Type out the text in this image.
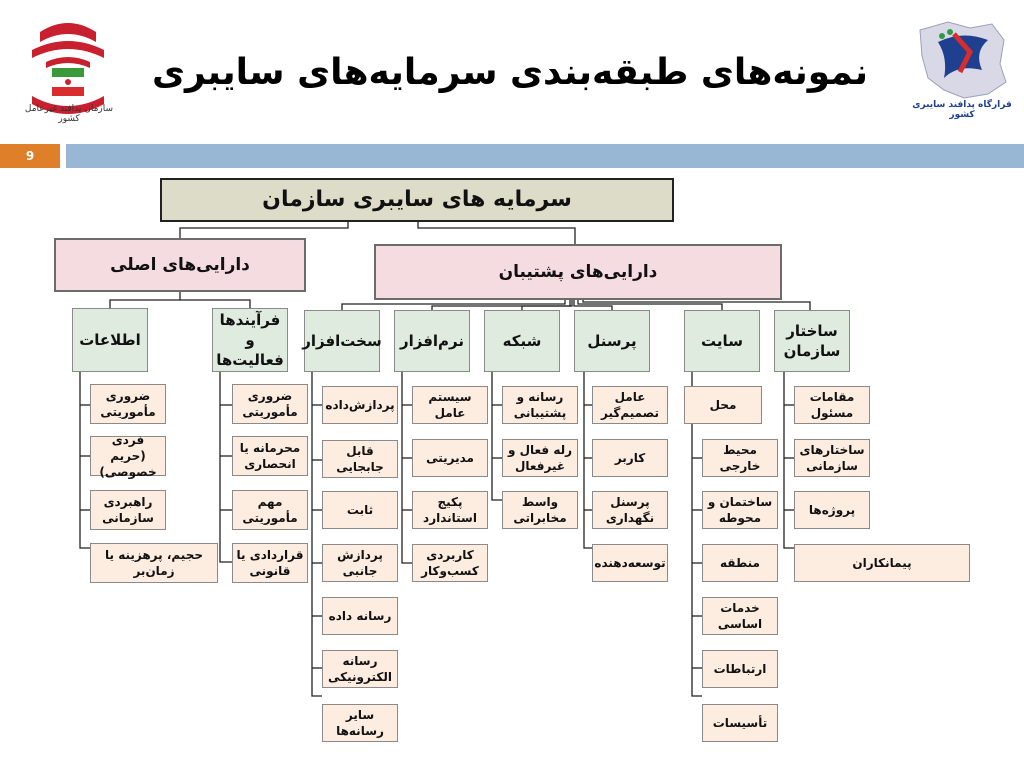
سازمان پدافند غیرعامل کشور
نمونه‌های طبقه‌بندی سرمایه‌های سایبری
قرارگاه پدافند سایبری کشور
9
سرمایه های سایبری سازمان
دارایی‌های اصلی	دارایی‌های پشتیبان
اطلاعات
فرآیندها و فعالیت‌ها
سخت‌افزار	نرم‌افزار	شبکه	پرسنل	سایت
ساختار سازمان
ضروری مأموریتی
فردی (حریم خصوصی)
راهبردی سازمانی
حجیم، پرهزینه یا زمان‌بر
ضروری مأموریتی
محرمانه یا انحصاری
مهم مأموریتی
قراردادی یا قانونی
پردازش‌داده
قابل جابجایی
ثابت
پردازش جانبی
رسانه داده
رسانه الکترونیکی
سایر رسانه‌ها
سیستم عامل
مدیریتی
پکیج استاندارد
کاربردی کسب‌وکار
رسانه و پشتیبانی
رله فعال و غیرفعال
واسط مخابراتی
عامل تصمیم‌گیر
کاربر
پرسنل نگهداری
توسعه‌دهنده
محل
محیط خارجی
ساختمان و محوطه
منطقه
خدمات اساسی
ارتباطات
تأسیسات
مقامات مسئول
ساختارهای سازمانی
پروژه‌ها
پیمانکاران
